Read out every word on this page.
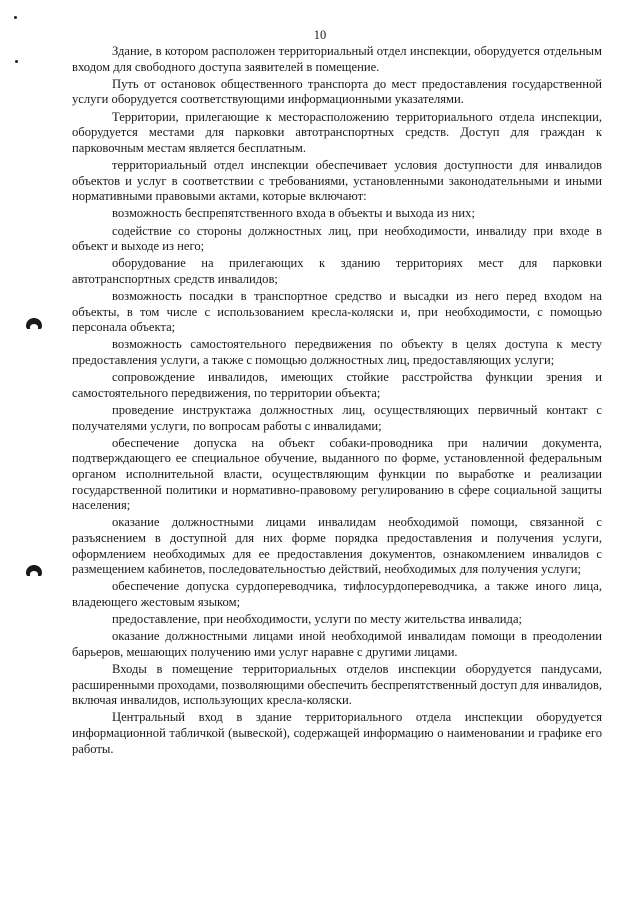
10

Здание, в котором расположен территориальный отдел инспекции, оборудуется отдельным входом для свободного доступа заявителей в помещение.

Путь от остановок общественного транспорта до мест предоставления государственной услуги оборудуется соответствующими информационными указателями.

Территории, прилегающие к месторасположению территориального отдела инспекции, оборудуется местами для парковки автотранспортных средств. Доступ для граждан к парковочным местам является бесплатным.

территориальный отдел инспекции обеспечивает условия доступности для инвалидов объектов и услуг в соответствии с требованиями, установленными законодательными и иными нормативными правовыми актами, которые включают:

возможность беспрепятственного входа в объекты и выхода из них;

содействие со стороны должностных лиц, при необходимости, инвалиду при входе в объект и выходе из него;

оборудование на прилегающих к зданию территориях мест для парковки автотранспортных средств инвалидов;

возможность посадки в транспортное средство и высадки из него перед входом на объекты, в том числе с использованием кресла-коляски и, при необходимости, с помощью персонала объекта;

возможность самостоятельного передвижения по объекту в целях доступа к месту предоставления услуги, а также с помощью должностных лиц, предоставляющих услуги;

сопровождение инвалидов, имеющих стойкие расстройства функции зрения и самостоятельного передвижения, по территории объекта;

проведение инструктажа должностных лиц, осуществляющих первичный контакт с получателями услуги, по вопросам работы с инвалидами;

обеспечение допуска на объект собаки-проводника при наличии документа, подтверждающего ее специальное обучение, выданного по форме, установленной федеральным органом исполнительной власти, осуществляющим функции по выработке и реализации государственной политики и нормативно-правовому регулированию в сфере социальной защиты населения;

оказание должностными лицами инвалидам необходимой помощи, связанной с разъяснением в доступной для них форме порядка предоставления и получения услуги, оформлением необходимых для ее предоставления документов, ознакомлением инвалидов с размещением кабинетов, последовательностью действий, необходимых для получения услуги;

обеспечение допуска сурдопереводчика, тифлосурдопереводчика, а также иного лица, владеющего жестовым языком;

предоставление, при необходимости, услуги по месту жительства инвалида;

оказание должностными лицами иной необходимой инвалидам помощи в преодолении барьеров, мешающих получению ими услуг наравне с другими лицами.

Входы в помещение территориальных отделов инспекции оборудуется пандусами, расширенными проходами, позволяющими обеспечить беспрепятственный доступ для инвалидов, включая инвалидов, использующих кресла-коляски.

Центральный вход в здание территориального отдела инспекции оборудуется информационной табличкой (вывеской), содержащей информацию о наименовании и графике его работы.
